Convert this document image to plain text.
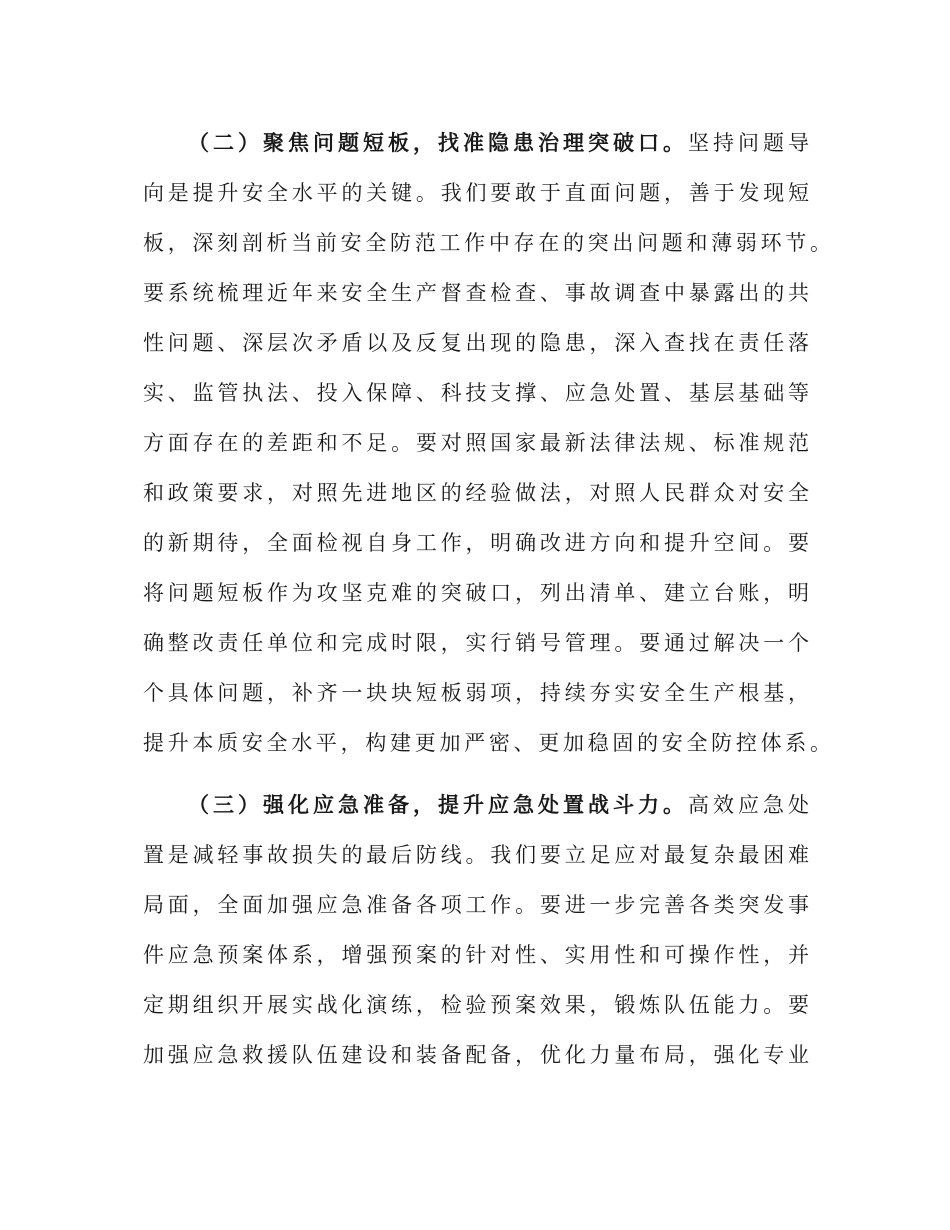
（二）聚焦问题短板，找准隐患治理突破口。坚持问题导
向是提升安全水平的关键。我们要敢于直面问题，善于发现短
板，深刻剖析当前安全防范工作中存在的突出问题和薄弱环节。
要系统梳理近年来安全生产督查检查、事故调查中暴露出的共
性问题、深层次矛盾以及反复出现的隐患，深入查找在责任落
实、监管执法、投入保障、科技支撑、应急处置、基层基础等
方面存在的差距和不足。要对照国家最新法律法规、标准规范
和政策要求，对照先进地区的经验做法，对照人民群众对安全
的新期待，全面检视自身工作，明确改进方向和提升空间。要
将问题短板作为攻坚克难的突破口，列出清单、建立台账，明
确整改责任单位和完成时限，实行销号管理。要通过解决一个
个具体问题，补齐一块块短板弱项，持续夯实安全生产根基，
提升本质安全水平，构建更加严密、更加稳固的安全防控体系。
（三）强化应急准备，提升应急处置战斗力。高效应急处
置是减轻事故损失的最后防线。我们要立足应对最复杂最困难
局面，全面加强应急准备各项工作。要进一步完善各类突发事
件应急预案体系，增强预案的针对性、实用性和可操作性，并
定期组织开展实战化演练，检验预案效果，锻炼队伍能力。要
加强应急救援队伍建设和装备配备，优化力量布局，强化专业
